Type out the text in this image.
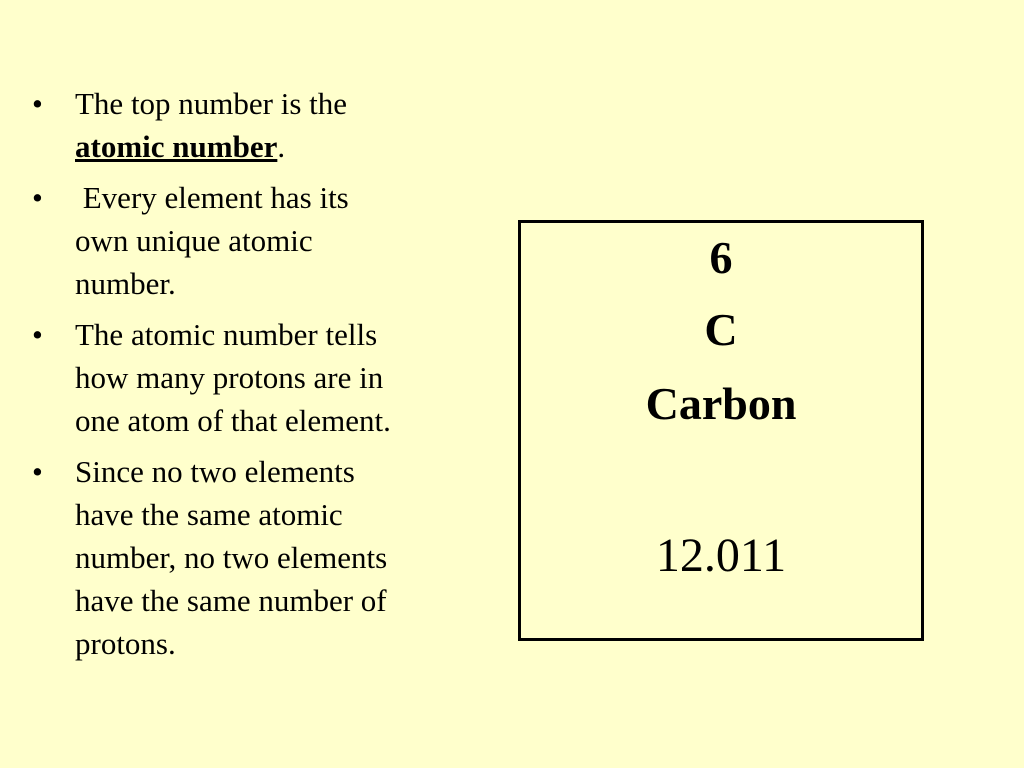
• The top number is the
atomic number.
• Every element has its
own unique atomic
number.
• The atomic number tells
how many protons are in
one atom of that element.
• Since no two elements
have the same atomic
number, no two elements
have the same number of
protons.
6
C
Carbon
12.011
